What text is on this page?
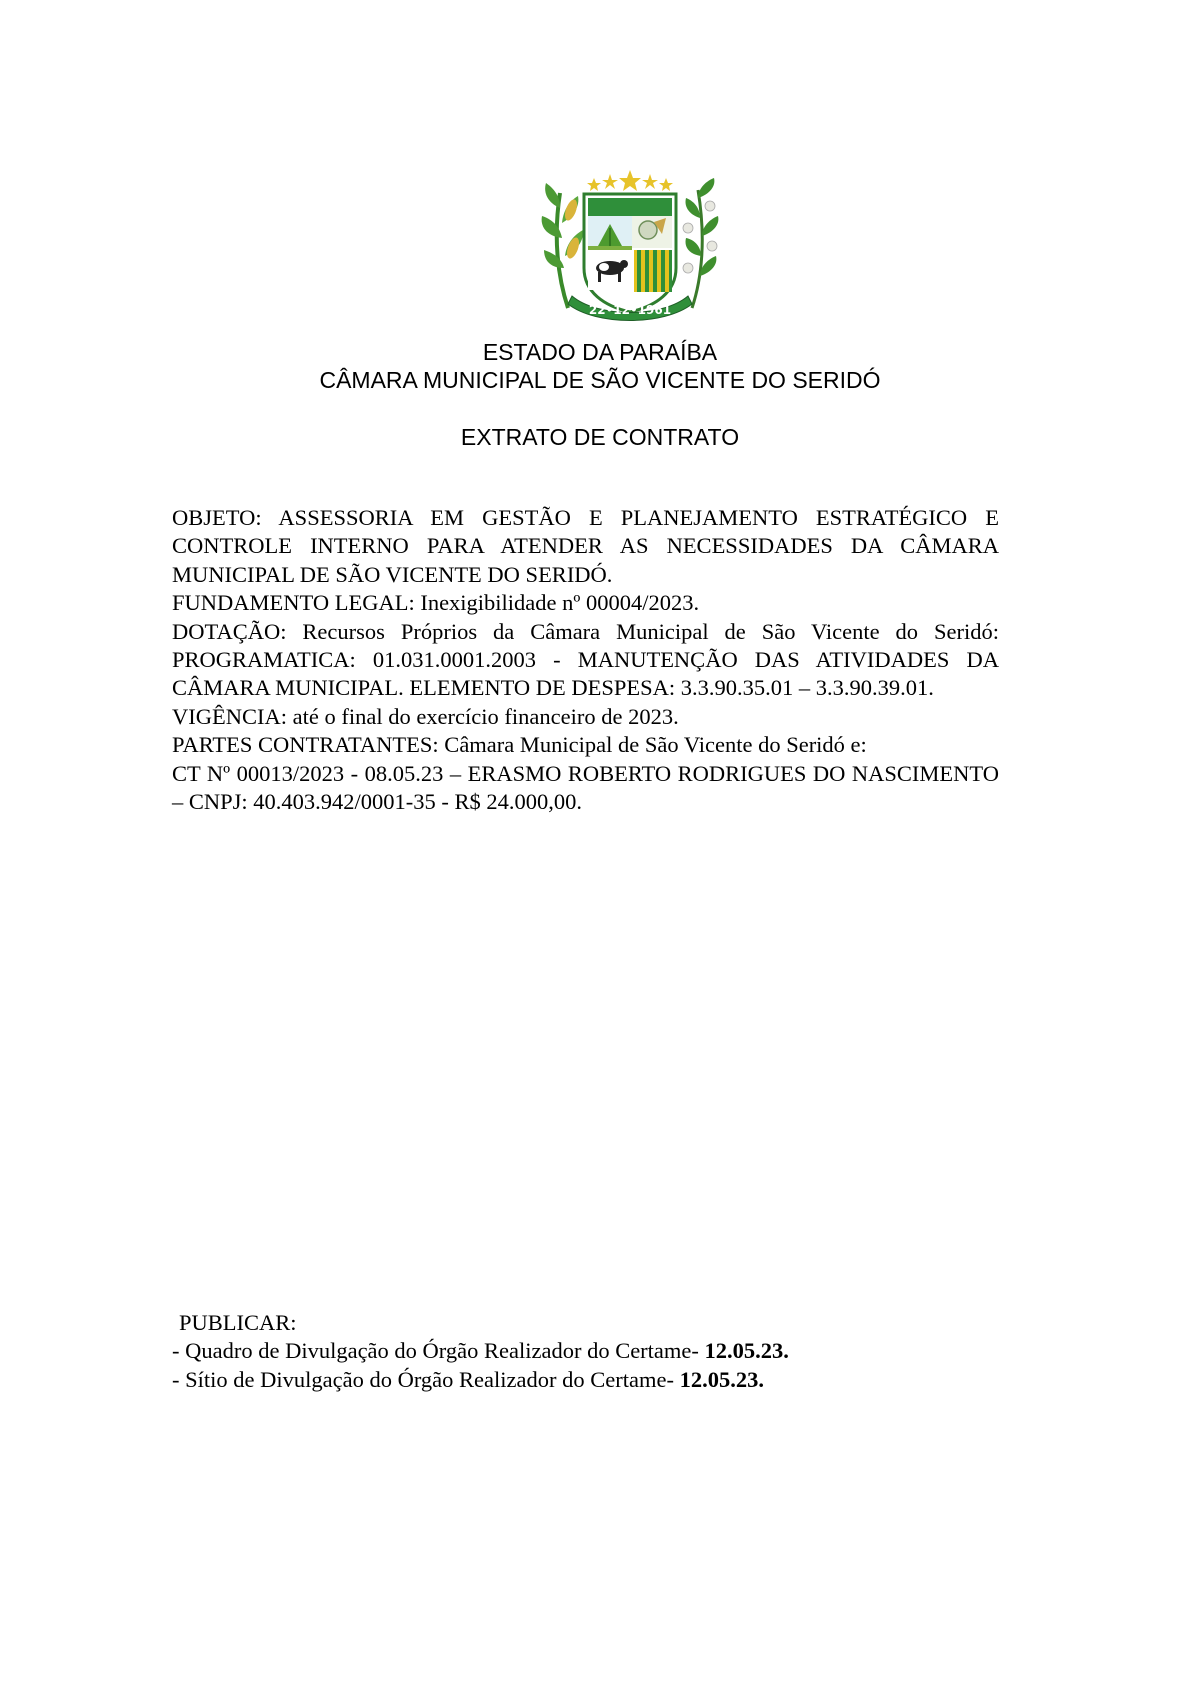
22•12•1961
ESTADO DA PARAÍBA
CÂMARA MUNICIPAL DE SÃO VICENTE DO SERIDÓ
EXTRATO DE CONTRATO

OBJETO: ASSESSORIA EM GESTÃO E PLANEJAMENTO ESTRATÉGICO E CONTROLE INTERNO PARA ATENDER AS NECESSIDADES DA CÂMARA MUNICIPAL DE SÃO VICENTE DO SERIDÓ.

FUNDAMENTO LEGAL: Inexigibilidade nº 00004/2023.

DOTAÇÃO: Recursos Próprios da Câmara Municipal de São Vicente do Seridó: PROGRAMATICA: 01.031.0001.2003 - MANUTENÇÃO DAS ATIVIDADES DA CÂMARA MUNICIPAL. ELEMENTO DE DESPESA: 3.3.90.35.01 – 3.3.90.39.01.

VIGÊNCIA: até o final do exercício financeiro de 2023.

PARTES CONTRATANTES: Câmara Municipal de São Vicente do Seridó e:

CT Nº 00013/2023 - 08.05.23 – ERASMO ROBERTO RODRIGUES DO NASCIMENTO – CNPJ: 40.403.942/0001-35 - R$ 24.000,00.

PUBLICAR:

- Quadro de Divulgação do Órgão Realizador do Certame- 12.05.23.

- Sítio de Divulgação do Órgão Realizador do Certame- 12.05.23.
